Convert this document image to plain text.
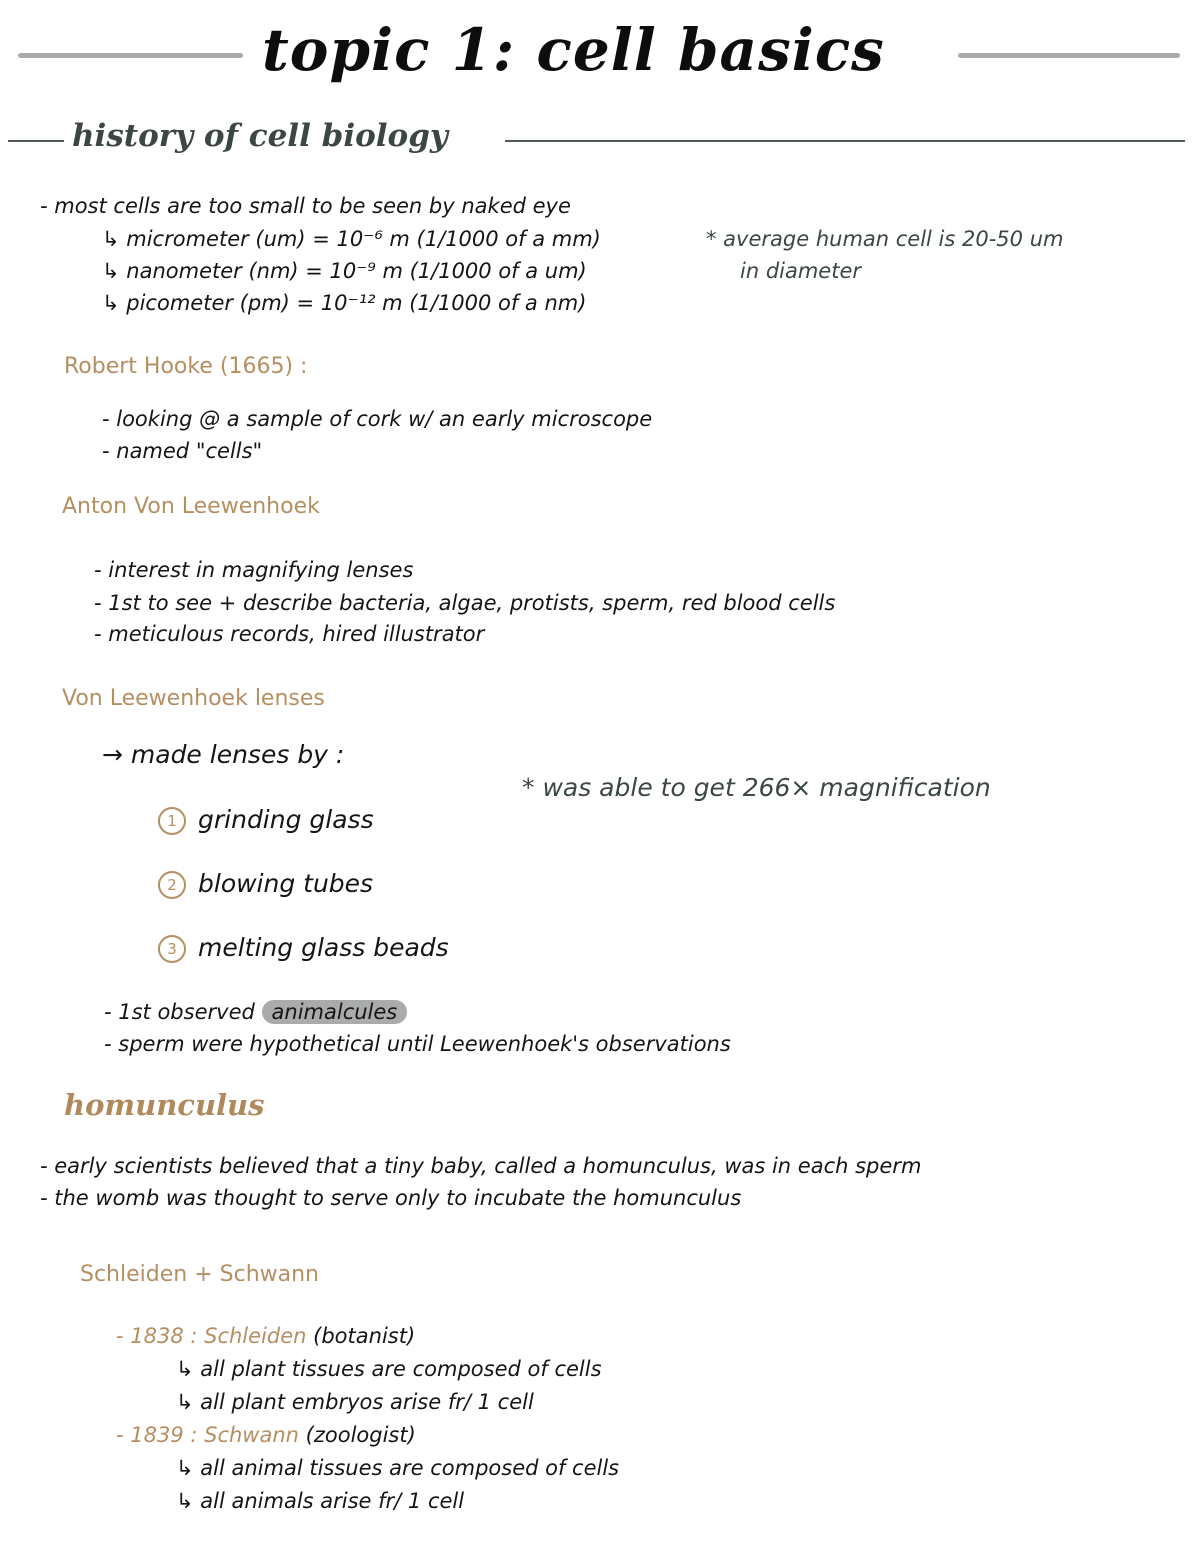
topic 1: cell basics
history of cell biology
- most cells are too small to be seen by naked eye
↳ micrometer (um) = 10⁻⁶ m (1/1000 of a mm)
↳ nanometer (nm) = 10⁻⁹ m (1/1000 of a um)
↳ picometer (pm) = 10⁻¹² m (1/1000 of a nm)
* average human cell is 20-50 um
in diameter
Robert Hooke (1665) :
- looking @ a sample of cork w/ an early microscope
- named "cells"
Anton Von Leewenhoek
- interest in magnifying lenses
- 1st to see + describe bacteria, algae, protists, sperm, red blood cells
- meticulous records, hired illustrator
Von Leewenhoek lenses
→ made lenses by :
* was able to get 266× magnification
1 grinding glass
2 blowing tubes
3 melting glass beads
- 1st observed animalcules
- sperm were hypothetical until Leewenhoek's observations
homunculus
- early scientists believed that a tiny baby, called a homunculus, was in each sperm
- the womb was thought to serve only to incubate the homunculus
Schleiden + Schwann
- 1838 : Schleiden (botanist)
↳ all plant tissues are composed of cells
↳ all plant embryos arise fr/ 1 cell
- 1839 : Schwann (zoologist)
↳ all animal tissues are composed of cells
↳ all animals arise fr/ 1 cell
